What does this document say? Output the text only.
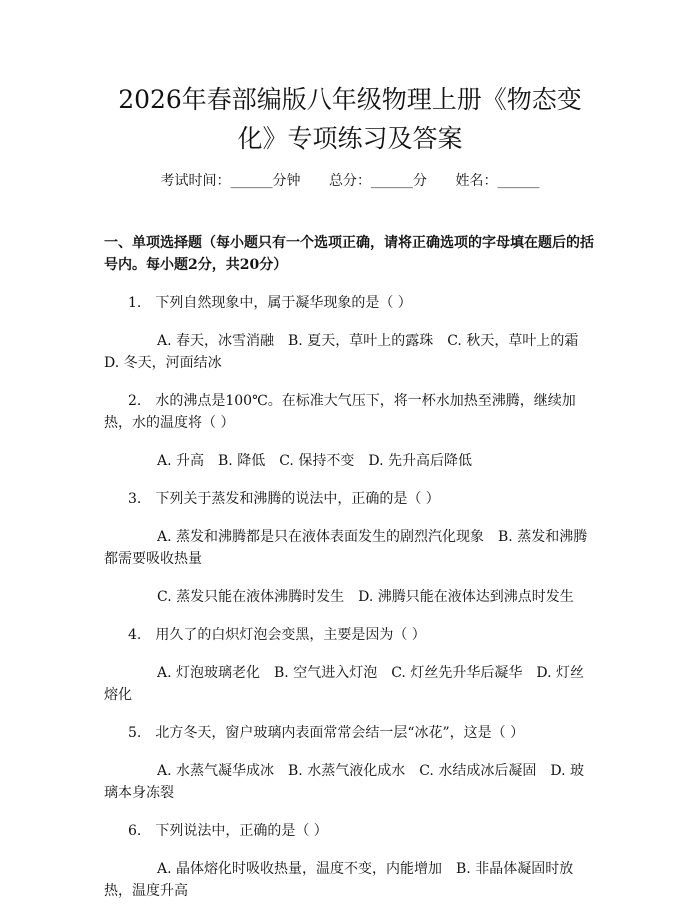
2026年春部编版八年级物理上册《物态变
化》专项练习及答案
考试时间：______分钟 总分：______分 姓名：______

一、单项选择题（每小题只有一个选项正确，请将正确选项的字母填在题后的括号内。每小题2分，共20分）

1.　下列自然现象中，属于凝华现象的是（ ）

A. 春天，冰雪消融 B. 夏天，草叶上的露珠 C. 秋天，草叶上的霜D. 冬天，河面结冰

2.　水的沸点是100℃。在标准大气压下，将一杯水加热至沸腾，继续加热，水的温度将（ ）

A. 升高 B. 降低 C. 保持不变 D. 先升高后降低

3.　下列关于蒸发和沸腾的说法中，正确的是（ ）

A. 蒸发和沸腾都是只在液体表面发生的剧烈汽化现象 B. 蒸发和沸腾都需要吸收热量

C. 蒸发只能在液体沸腾时发生 D. 沸腾只能在液体达到沸点时发生

4.　用久了的白炽灯泡会变黑，主要是因为（ ）

A. 灯泡玻璃老化 B. 空气进入灯泡 C. 灯丝先升华后凝华 D. 灯丝熔化

5.　北方冬天，窗户玻璃内表面常常会结一层“冰花”，这是（ ）

A. 水蒸气凝华成冰 B. 水蒸气液化成水 C. 水结成冰后凝固 D. 玻璃本身冻裂

6.　下列说法中，正确的是（ ）

A. 晶体熔化时吸收热量，温度不变，内能增加 B. 非晶体凝固时放热，温度升高
